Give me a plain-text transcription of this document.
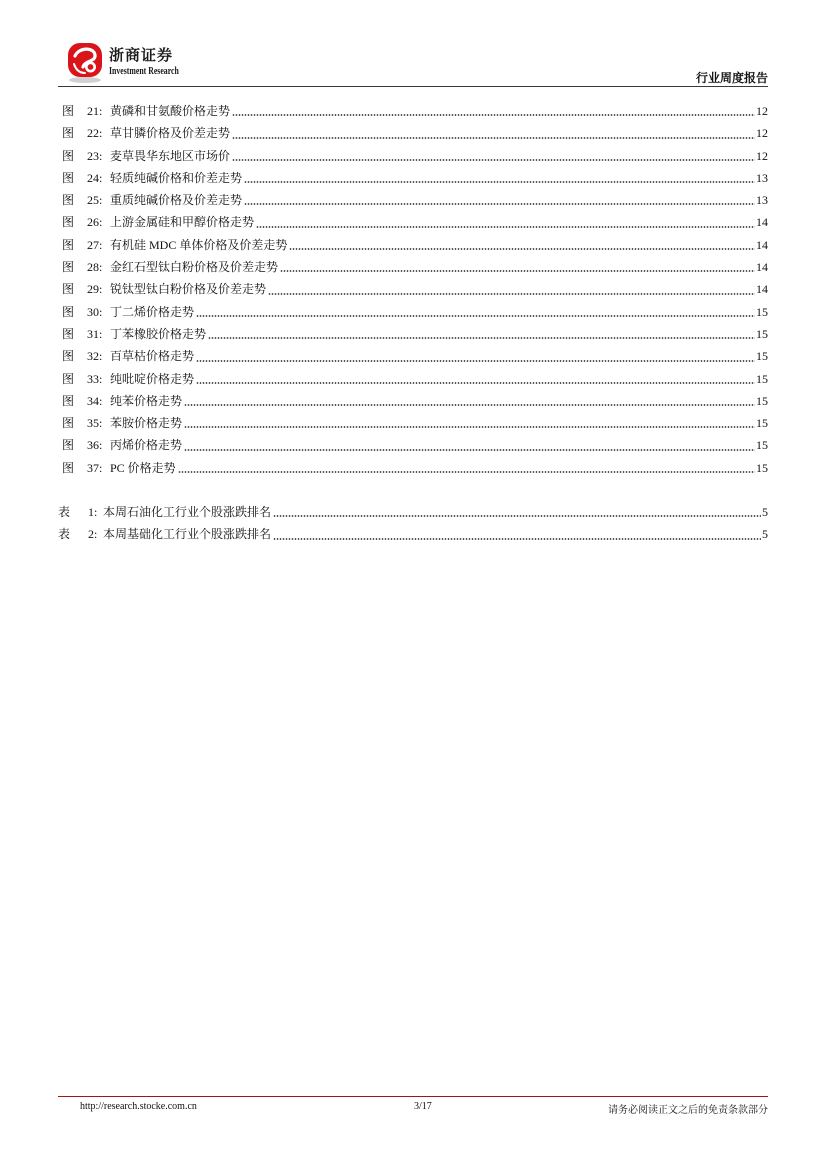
浙商证券
Investment Research	行业周度报告
图	21: 黄磷和甘氨酸价格走势	12
图	22: 草甘膦价格及价差走势	12
图	23: 麦草畏华东地区市场价	12
图	24: 轻质纯碱价格和价差走势	13
图	25: 重质纯碱价格及价差走势	13
图	26: 上游金属硅和甲醇价格走势	14
图	27: 有机硅 MDC 单体价格及价差走势	14
图	28: 金红石型钛白粉价格及价差走势	14
图	29: 锐钛型钛白粉价格及价差走势	14
图	30: 丁二烯价格走势	15
图	31: 丁苯橡胶价格走势	15
图	32: 百草枯价格走势	15
图	33: 纯吡啶价格走势	15
图	34: 纯苯价格走势	15
图	35: 苯胺价格走势	15
图	36: 丙烯价格走势	15
图	37: PC 价格走势	15
表	1: 本周石油化工行业个股涨跌排名	5
表	2: 本周基础化工行业个股涨跌排名	5
http://research.stocke.com.cn	3/17	请务必阅读正文之后的免责条款部分
